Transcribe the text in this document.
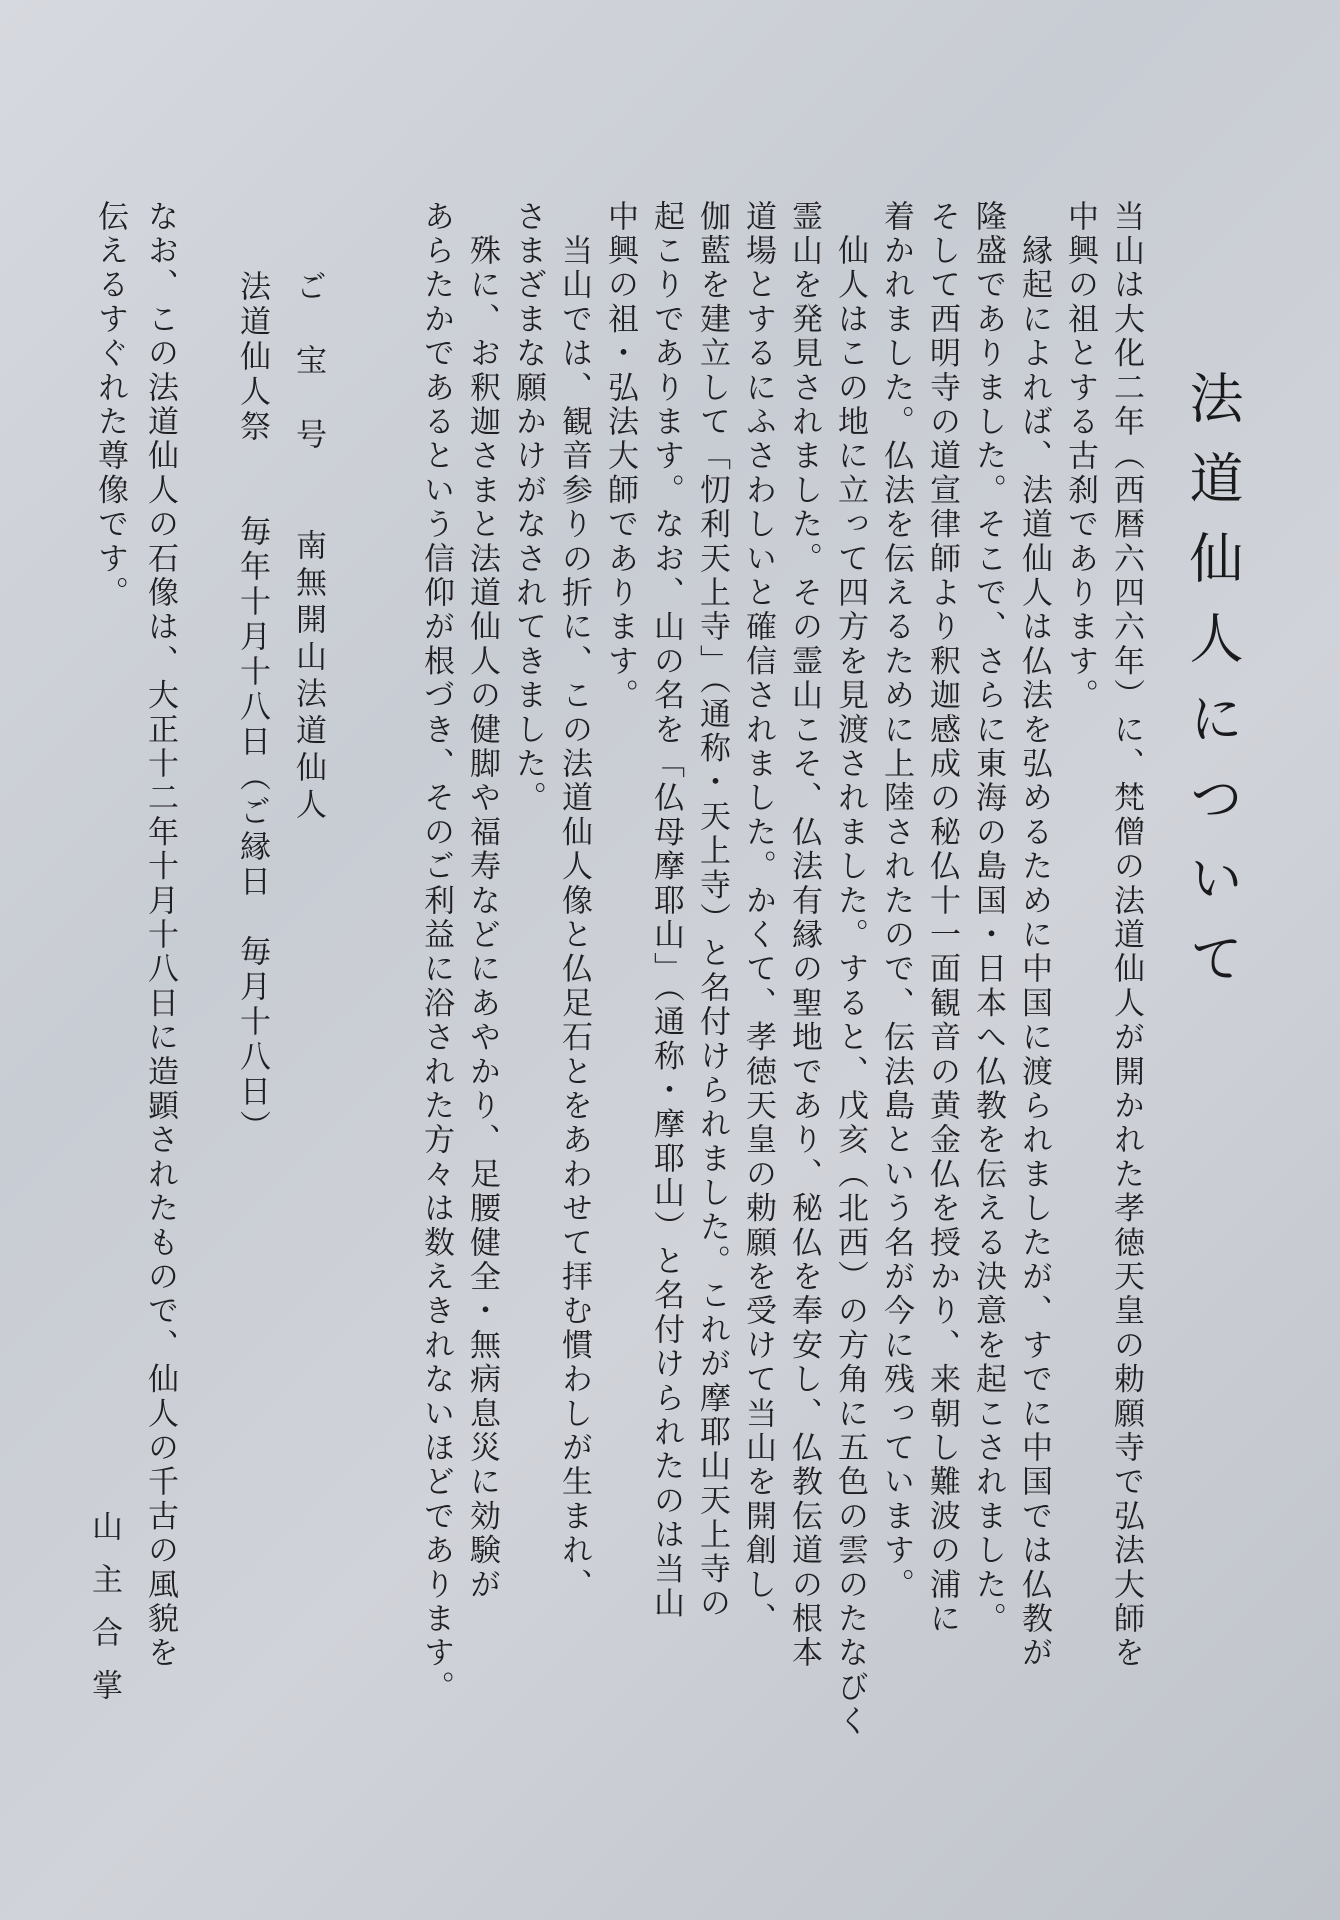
法道仙人について
当山は大化二年（西暦六四六年）に、梵僧の法道仙人が開かれた孝徳天皇の勅願寺で弘法大師を
中興の祖とする古刹であります。
　縁起によれば、法道仙人は仏法を弘めるために中国に渡られましたが、すでに中国では仏教が
隆盛でありました。そこで、さらに東海の島国・日本へ仏教を伝える決意を起こされました。
そして西明寺の道宣律師より釈迦感成の秘仏十一面観音の黄金仏を授かり、来朝し難波の浦に
着かれました。仏法を伝えるために上陸されたので、伝法島という名が今に残っています。
　仙人はこの地に立って四方を見渡されました。すると、戊亥（北西）の方角に五色の雲のたなびく
霊山を発見されました。その霊山こそ、仏法有縁の聖地であり、秘仏を奉安し、仏教伝道の根本
道場とするにふさわしいと確信されました。かくて、孝徳天皇の勅願を受けて当山を開創し、
伽藍を建立して「忉利天上寺」（通称・天上寺）と名付けられました。これが摩耶山天上寺の
起こりであります。なお、山の名を「仏母摩耶山」（通称・摩耶山）と名付けられたのは当山
中興の祖・弘法大師であります。
　当山では、観音参りの折に、この法道仙人像と仏足石とをあわせて拝む慣わしが生まれ、
さまざまな願かけがなされてきました。
　殊に、お釈迦さまと法道仙人の健脚や福寿などにあやかり、足腰健全・無病息災に効験が
あらたかであるという信仰が根づき、そのご利益に浴された方々は数えきれないほどであります。
ご　宝　号　　南無開山法道仙人
法道仙人祭　　毎年十月十八日（ご縁日　毎月十八日）
なお、この法道仙人の石像は、大正十二年十月十八日に造顕されたもので、仙人の千古の風貌を
伝えるすぐれた尊像です。
山主合掌
